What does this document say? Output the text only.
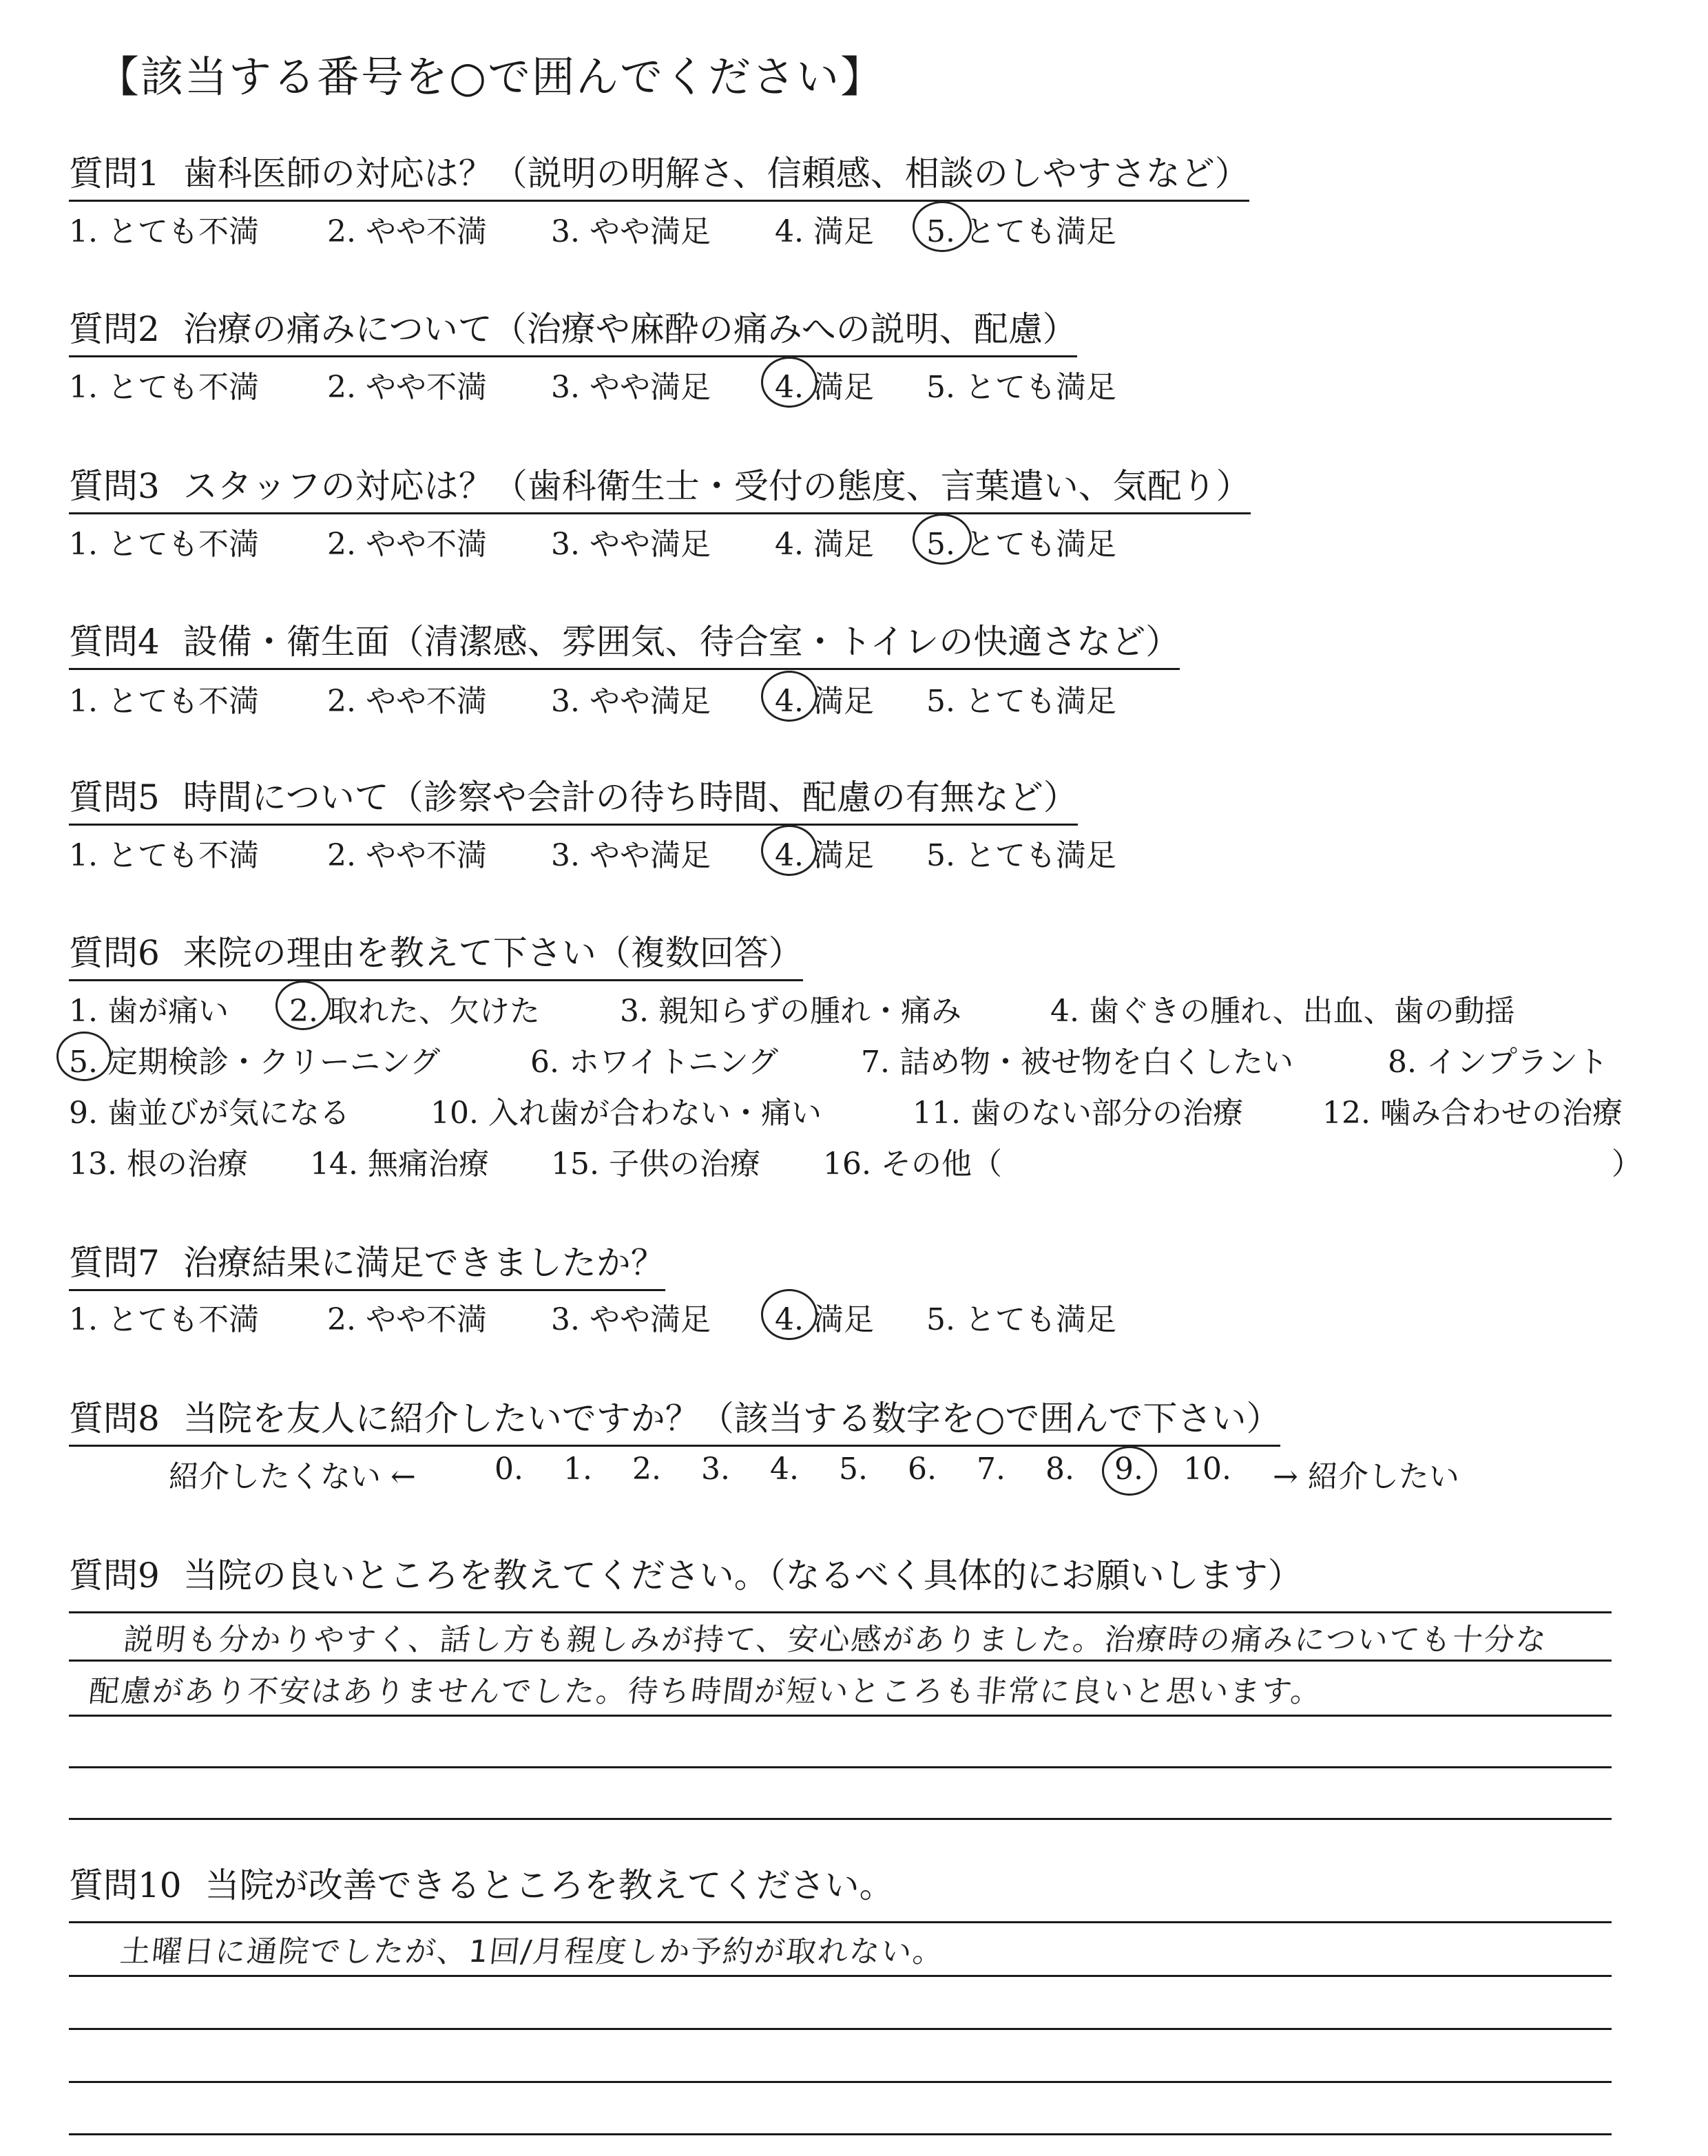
【該当する番号を○で囲んでください】
質問1 歯科医師の対応は？（説明の明解さ、信頼感、相談のしやすさなど）
1. とても不満 2. やや不満 3. やや満足 4. 満足 5. とても満足
質問2 治療の痛みについて（治療や麻酔の痛みへの説明、配慮）
1. とても不満 2. やや不満 3. やや満足 4. 満足 5. とても満足
質問3 スタッフの対応は？（歯科衛生士・受付の態度、言葉遣い、気配り）
1. とても不満 2. やや不満 3. やや満足 4. 満足 5. とても満足
質問4 設備・衛生面（清潔感、雰囲気、待合室・トイレの快適さなど）
1. とても不満 2. やや不満 3. やや満足 4. 満足 5. とても満足
質問5 時間について（診察や会計の待ち時間、配慮の有無など）
1. とても不満 2. やや不満 3. やや満足 4. 満足 5. とても満足
質問6 来院の理由を教えて下さい（複数回答）
1. 歯が痛い 2. 取れた、欠けた	3. 親知らずの腫れ・痛み	4. 歯ぐきの腫れ、出血、歯の動揺
5. 定期検診・クリーニング	6. ホワイトニング	7. 詰め物・被せ物を白くしたい	8. インプラント
9. 歯並びが気になる	10. 入れ歯が合わない・痛い	11. 歯のない部分の治療	12. 噛み合わせの治療
13. 根の治療 14. 無痛治療 15. 子供の治療 16. その他（	）
質問7 治療結果に満足できましたか？
1. とても不満 2. やや不満 3. やや満足 4. 満足 5. とても満足
質問8 当院を友人に紹介したいですか？（該当する数字を○で囲んで下さい）
紹介したくない ←	0. 1. 2. 3. 4. 5. 6. 7. 8. 9. 10. → 紹介したい
質問9 当院の良いところを教えてください。（なるべく具体的にお願いします）
説明も分かりやすく、話し方も親しみが持て、安心感がありました。治療時の痛みについても十分な
配慮があり不安はありませんでした。待ち時間が短いところも非常に良いと思います。
質問10 当院が改善できるところを教えてください。
土曜日に通院でしたが、1回/月程度しか予約が取れない。
